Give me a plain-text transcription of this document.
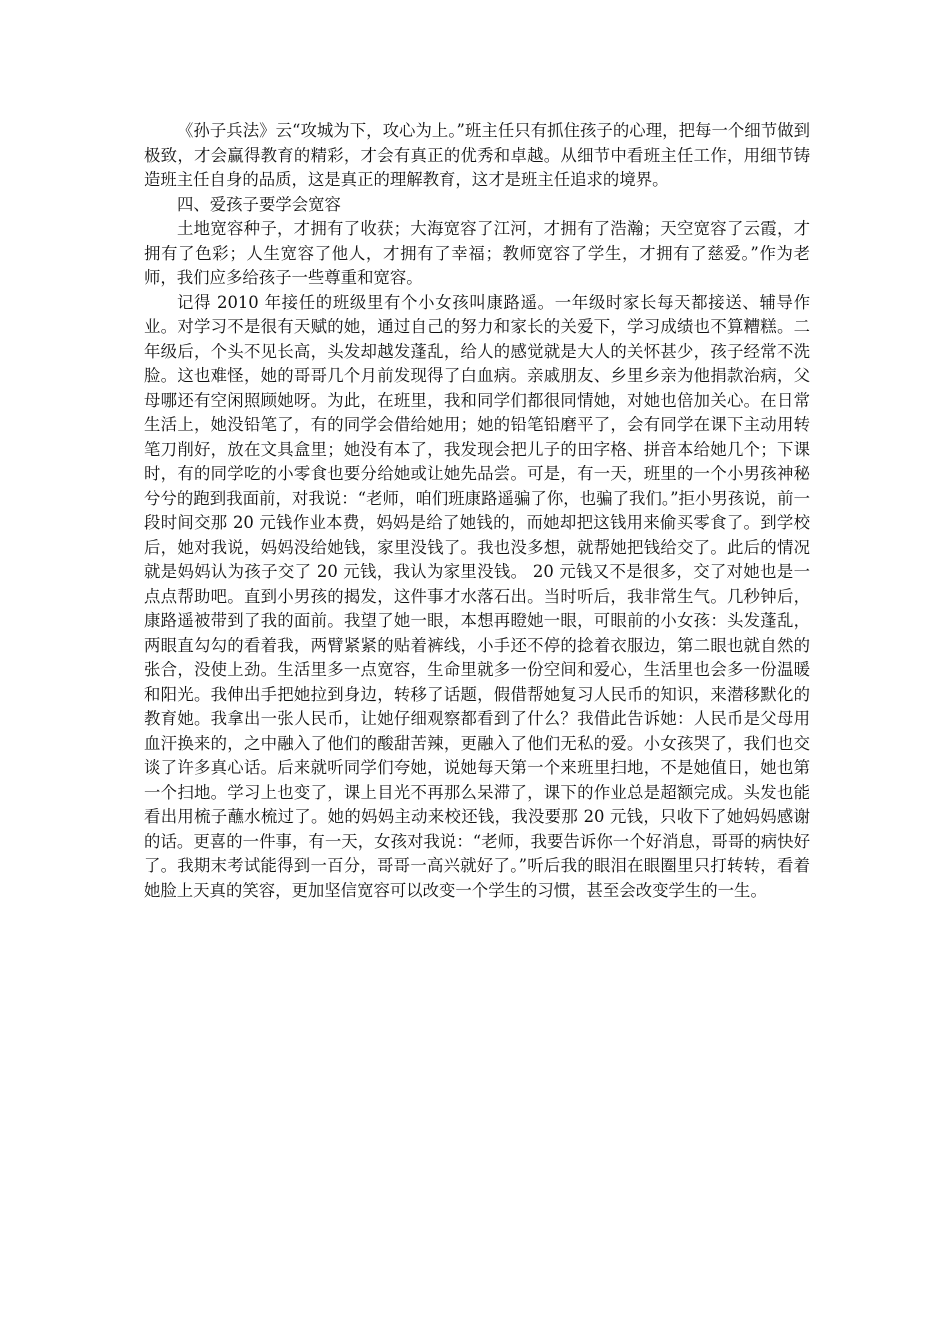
《孙子兵法》云“攻城为下，攻心为上。”班主任只有抓住孩子的心理，把每一个细节做到极致，才会赢得教育的精彩，才会有真正的优秀和卓越。从细节中看班主任工作，用细节铸造班主任自身的品质，这是真正的理解教育，这才是班主任追求的境界。

四、爱孩子要学会宽容

土地宽容种子，才拥有了收获；大海宽容了江河，才拥有了浩瀚；天空宽容了云霞，才拥有了色彩；人生宽容了他人，才拥有了幸福；教师宽容了学生，才拥有了慈爱。”作为老师，我们应多给孩子一些尊重和宽容。

记得 2010 年接任的班级里有个小女孩叫康路遥。一年级时家长每天都接送、辅导作业。对学习不是很有天赋的她，通过自己的努力和家长的关爱下，学习成绩也不算糟糕。二年级后，个头不见长高，头发却越发蓬乱，给人的感觉就是大人的关怀甚少，孩子经常不洗脸。这也难怪，她的哥哥几个月前发现得了白血病。亲戚朋友、乡里乡亲为他捐款治病，父母哪还有空闲照顾她呀。为此，在班里，我和同学们都很同情她，对她也倍加关心。在日常生活上，她没铅笔了，有的同学会借给她用；她的铅笔铅磨平了，会有同学在课下主动用转笔刀削好，放在文具盒里；她没有本了，我发现会把儿子的田字格、拼音本给她几个；下课时，有的同学吃的小零食也要分给她或让她先品尝。可是，有一天，班里的一个小男孩神秘兮兮的跑到我面前，对我说：“老师，咱们班康路遥骗了你，也骗了我们。”拒小男孩说，前一段时间交那 20 元钱作业本费，妈妈是给了她钱的，而她却把这钱用来偷买零食了。到学校后，她对我说，妈妈没给她钱，家里没钱了。我也没多想，就帮她把钱给交了。此后的情况就是妈妈认为孩子交了 20 元钱，我认为家里没钱。 20 元钱又不是很多，交了对她也是一点点帮助吧。直到小男孩的揭发，这件事才水落石出。当时听后，我非常生气。几秒钟后，康路遥被带到了我的面前。我望了她一眼，本想再瞪她一眼，可眼前的小女孩：头发蓬乱，两眼直勾勾的看着我，两臂紧紧的贴着裤线，小手还不停的捻着衣服边，第二眼也就自然的张合，没使上劲。生活里多一点宽容，生命里就多一份空间和爱心，生活里也会多一份温暖和阳光。我伸出手把她拉到身边，转移了话题，假借帮她复习人民币的知识，来潜移默化的教育她。我拿出一张人民币，让她仔细观察都看到了什么？我借此告诉她：人民币是父母用血汗换来的，之中融入了他们的酸甜苦辣，更融入了他们无私的爱。小女孩哭了，我们也交谈了许多真心话。后来就听同学们夸她，说她每天第一个来班里扫地，不是她值日，她也第一个扫地。学习上也变了，课上目光不再那么呆滞了，课下的作业总是超额完成。头发也能看出用梳子蘸水梳过了。她的妈妈主动来校还钱，我没要那 20 元钱，只收下了她妈妈感谢的话。更喜的一件事，有一天，女孩对我说：“老师，我要告诉你一个好消息，哥哥的病快好了。我期末考试能得到一百分，哥哥一高兴就好了。”听后我的眼泪在眼圈里只打转转，看着她脸上天真的笑容，更加坚信宽容可以改变一个学生的习惯，甚至会改变学生的一生。
